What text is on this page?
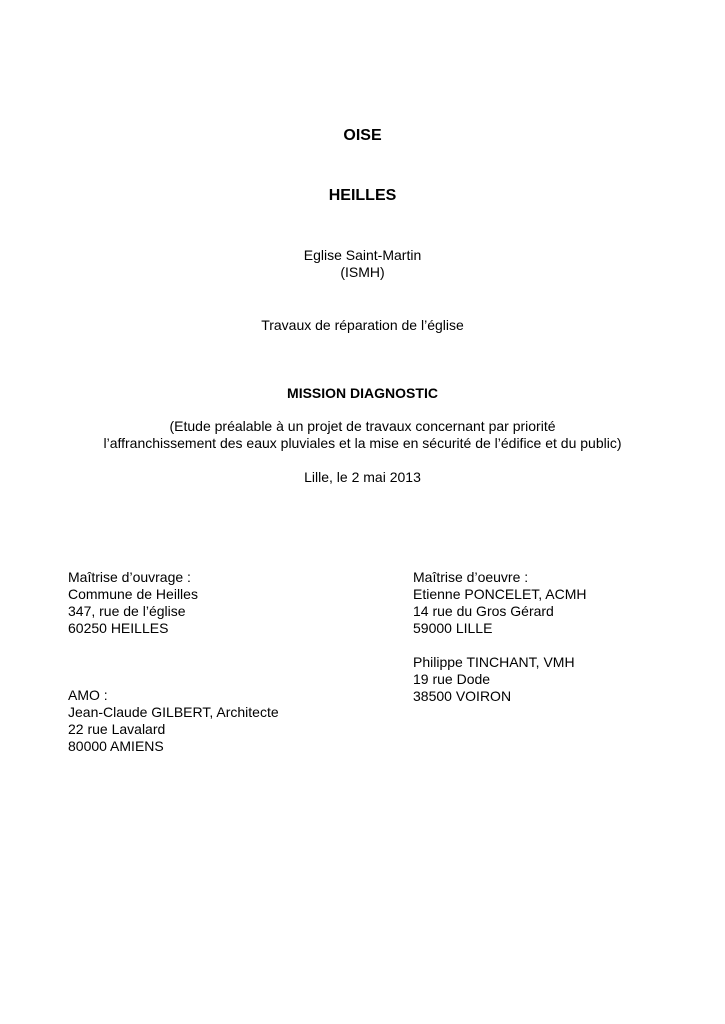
OISE
HEILLES
Eglise Saint-Martin
(ISMH)
Travaux de réparation de l’église
MISSION DIAGNOSTIC
(Etude préalable à un projet de travaux concernant par priorité
l’affranchissement des eaux pluviales et la mise en sécurité de l’édifice et du public)
Lille, le 2 mai 2013
Maîtrise d’ouvrage :
Commune de Heilles
347, rue de l’église
60250 HEILLES
AMO :
Jean-Claude GILBERT, Architecte
22 rue Lavalard
80000 AMIENS
Maîtrise d’oeuvre :
Etienne PONCELET, ACMH
14 rue du Gros Gérard
59000 LILLE
Philippe TINCHANT, VMH
19 rue Dode
38500 VOIRON
